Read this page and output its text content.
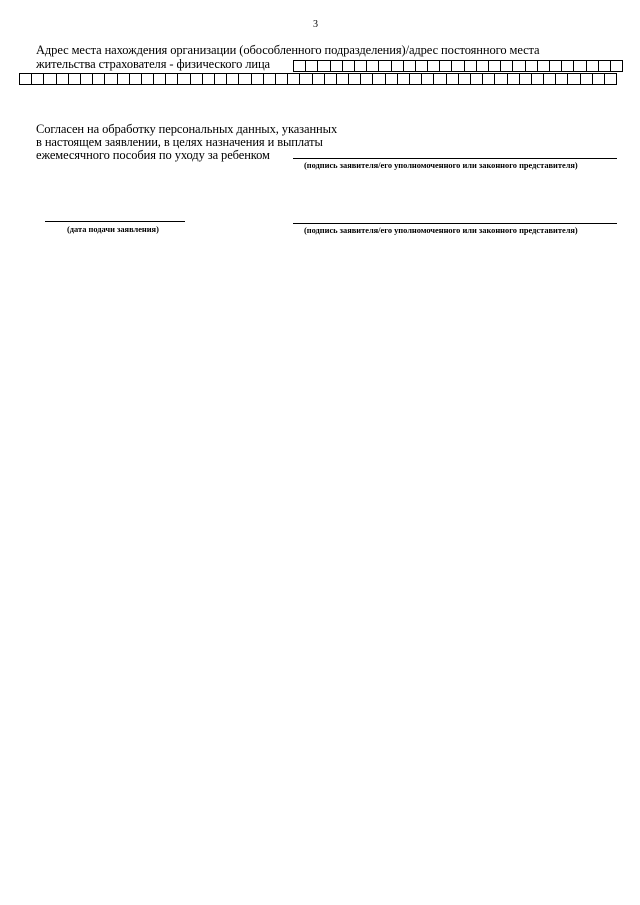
3
Адрес места нахождения организации (обособленного подразделения)/адрес постоянного места
жительства страхователя - физического лица
Согласен на обработку персональных данных, указанных
в настоящем заявлении, в целях назначения и выплаты
ежемесячного пособия по уходу за ребенком
(подпись заявителя/его уполномоченного или законного представителя)
(дата подачи заявления)	(подпись заявителя/его уполномоченного или законного представителя)
